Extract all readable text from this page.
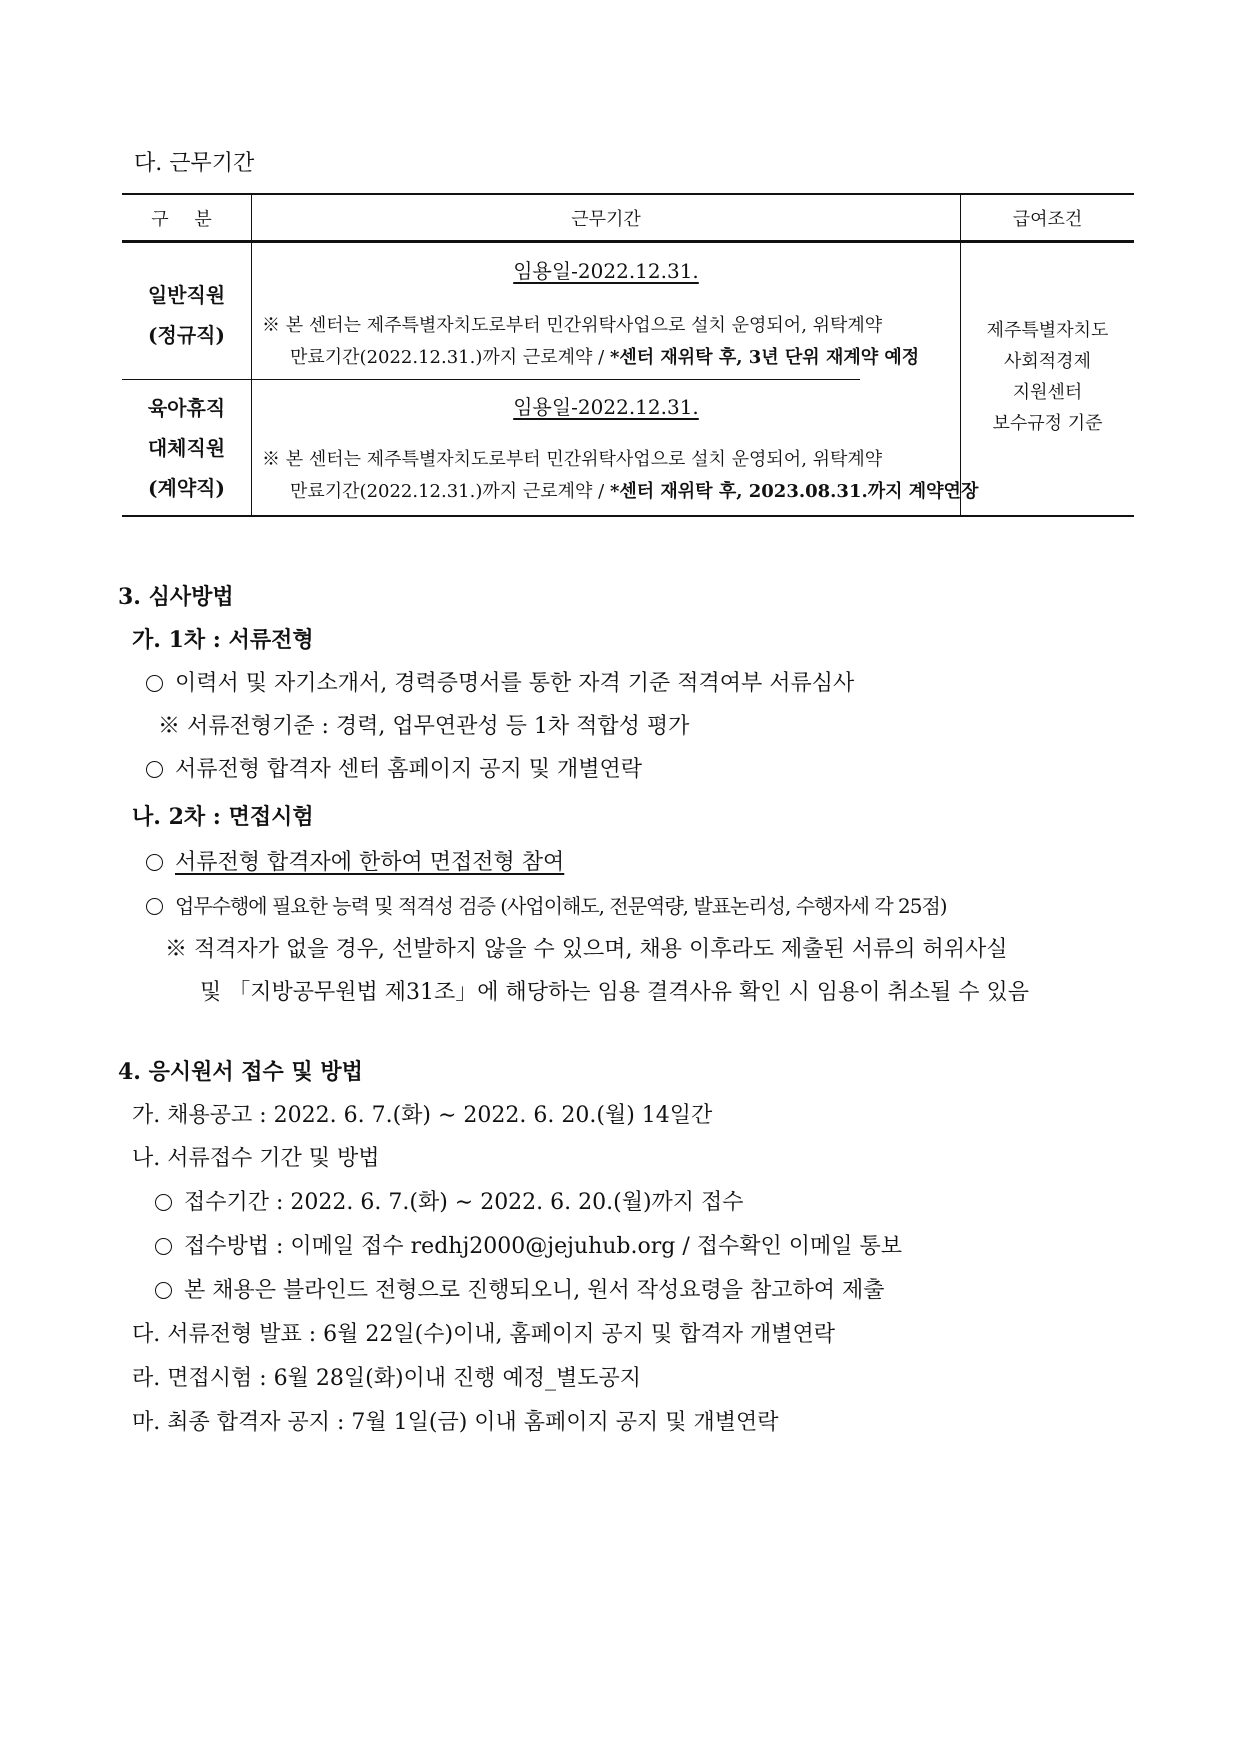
다. 근무기간
구 분	근무기간	급여조건
일반직원
(정규직)
임용일-2022.12.31.
※ 본 센터는 제주특별자치도로부터 민간위탁사업으로 설치 운영되어, 위탁계약
만료기간(2022.12.31.)까지 근로계약 / *센터 재위탁 후, 3년 단위 재계약 예정
육아휴직
대체직원
(계약직)
임용일-2022.12.31.
※ 본 센터는 제주특별자치도로부터 민간위탁사업으로 설치 운영되어, 위탁계약
만료기간(2022.12.31.)까지 근로계약 / *센터 재위탁 후, 2023.08.31.까지 계약연장
제주특별자치도
사회적경제
지원센터
보수규정 기준
3. 심사방법
가. 1차 : 서류전형
이력서 및 자기소개서, 경력증명서를 통한 자격 기준 적격여부 서류심사
※ 서류전형기준 : 경력, 업무연관성 등 1차 적합성 평가
서류전형 합격자 센터 홈페이지 공지 및 개별연락
나. 2차 : 면접시험
서류전형 합격자에 한하여 면접전형 참여
업무수행에 필요한 능력 및 적격성 검증 (사업이해도, 전문역량, 발표논리성, 수행자세 각 25점)
※ 적격자가 없을 경우, 선발하지 않을 수 있으며, 채용 이후라도 제출된 서류의 허위사실
및 「지방공무원법 제31조」에 해당하는 임용 결격사유 확인 시 임용이 취소될 수 있음
4. 응시원서 접수 및 방법
가. 채용공고 : 2022. 6. 7.(화) ∼ 2022. 6. 20.(월) 14일간
나. 서류접수 기간 및 방법
접수기간 : 2022. 6. 7.(화) ∼ 2022. 6. 20.(월)까지 접수
접수방법 : 이메일 접수 redhj2000@jejuhub.org / 접수확인 이메일 통보
본 채용은 블라인드 전형으로 진행되오니, 원서 작성요령을 참고하여 제출
다. 서류전형 발표 : 6월 22일(수)이내, 홈페이지 공지 및 합격자 개별연락
라. 면접시험 : 6월 28일(화)이내 진행 예정_별도공지
마. 최종 합격자 공지 : 7월 1일(금) 이내 홈페이지 공지 및 개별연락
